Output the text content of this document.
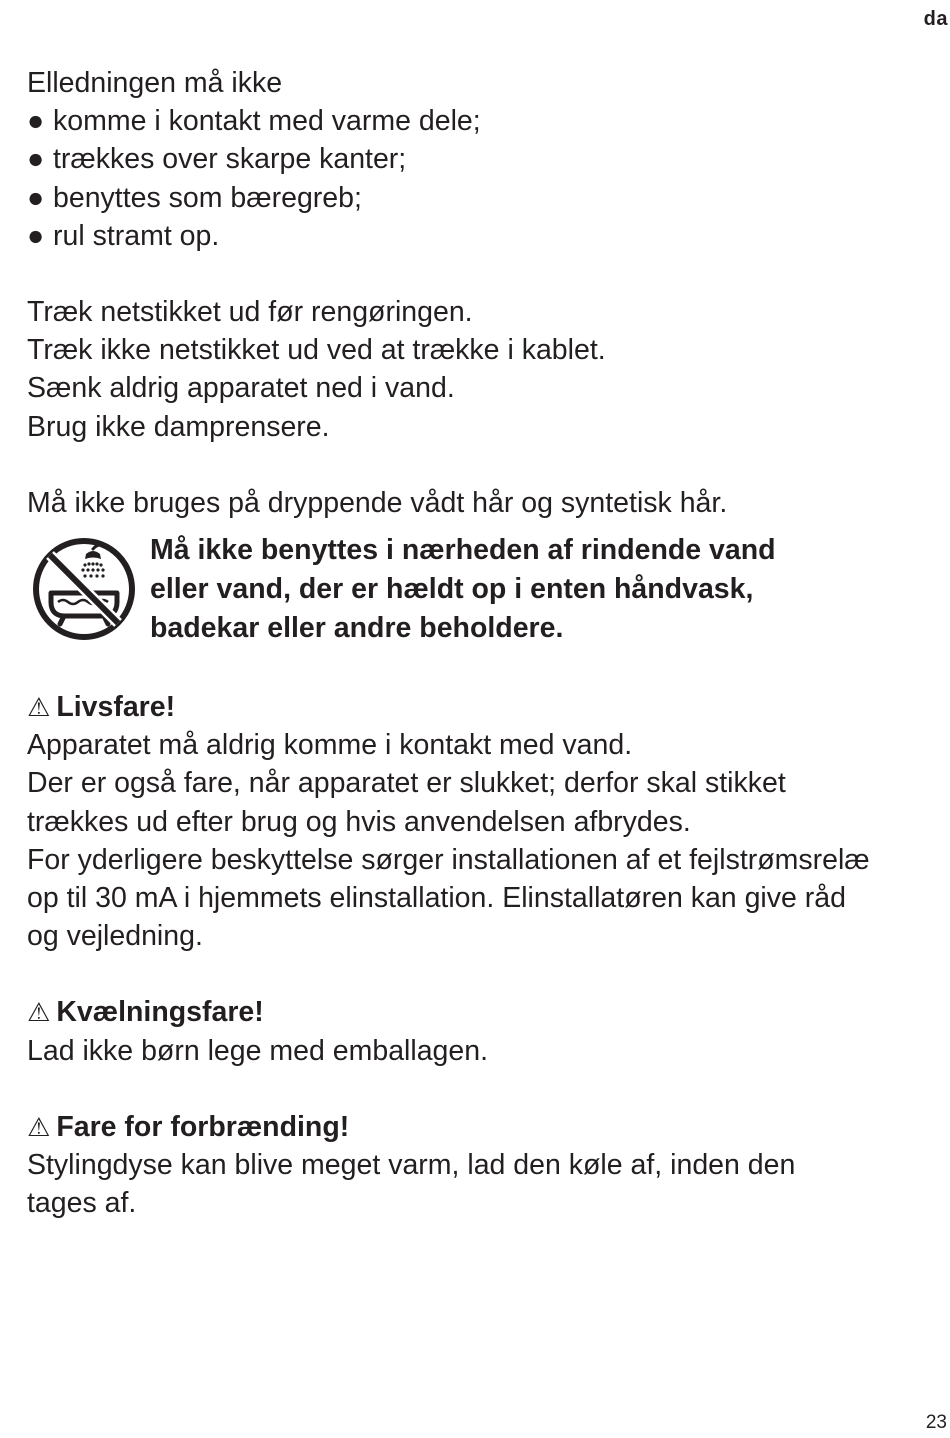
da
Elledningen må ikke
● komme i kontakt med varme dele;
● trækkes over skarpe kanter;
● benyttes som bæregreb;
● rul stramt op.
Træk netstikket ud før rengøringen.
Træk ikke netstikket ud ved at trække i kablet.
Sænk aldrig apparatet ned i vand.
Brug ikke damprensere.
Må ikke bruges på dryppende vådt hår og syntetisk hår.
Må ikke benyttes i nærheden af rindende vand
eller vand, der er hældt op i enten håndvask,
badekar eller andre beholdere.
⚠ Livsfare!
Apparatet må aldrig komme i kontakt med vand.
Der er også fare, når apparatet er slukket; derfor skal stikket
trækkes ud efter brug og hvis anvendelsen afbrydes.
For yderligere beskyttelse sørger installationen af et fejlstrømsrelæ
op til 30 mA i hjemmets elinstallation. Elinstallatøren kan give råd
og vejledning.
⚠ Kvælningsfare!
Lad ikke børn lege med emballagen.
⚠ Fare for forbrænding!
Stylingdyse kan blive meget varm, lad den køle af, inden den
tages af.
23
